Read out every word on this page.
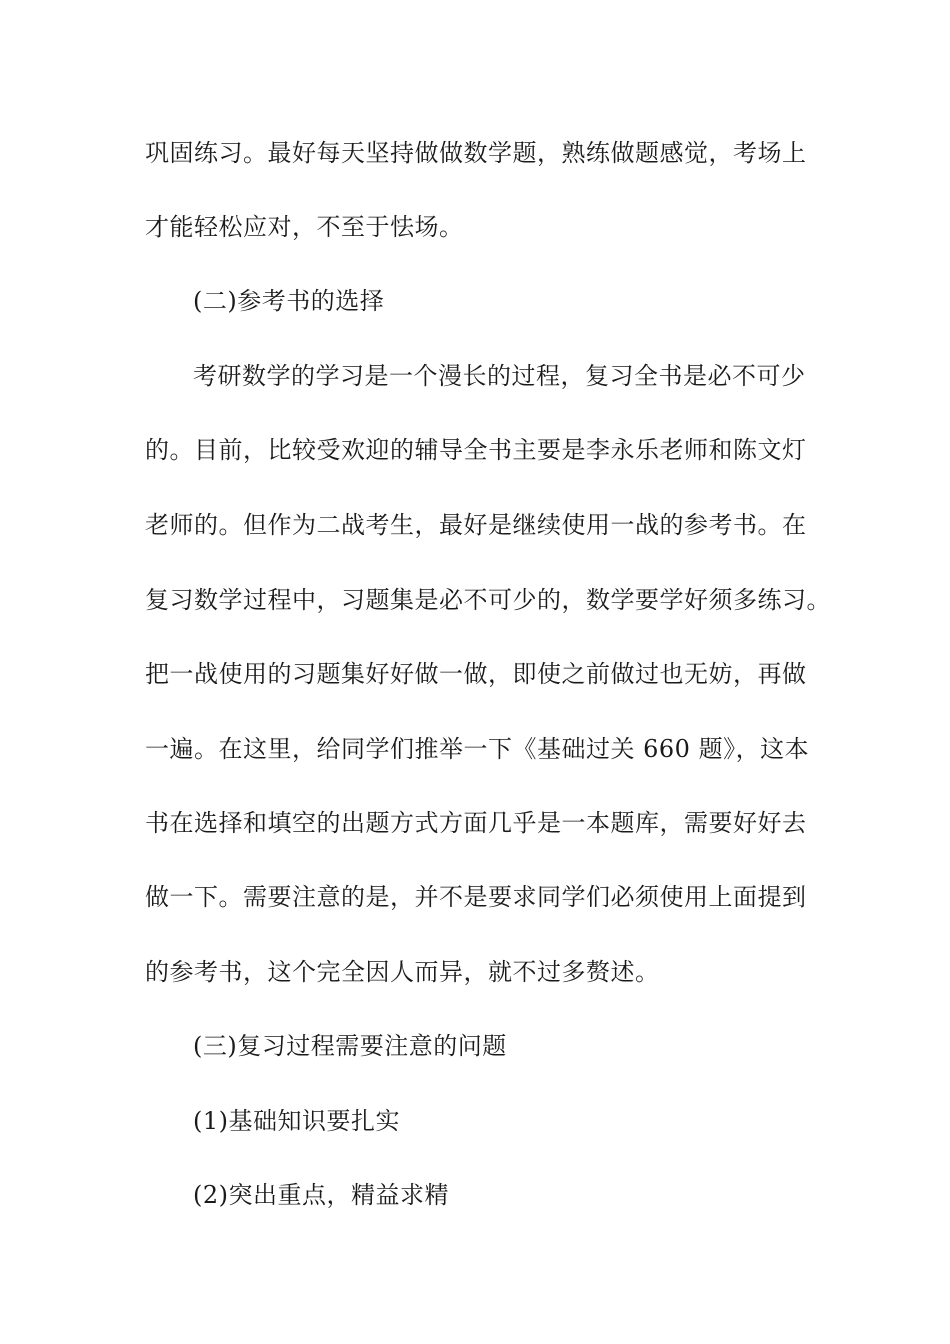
巩固练习。最好每天坚持做做数学题，熟练做题感觉，考场上
才能轻松应对，不至于怯场。
(二)参考书的选择
考研数学的学习是一个漫长的过程，复习全书是必不可少
的。目前，比较受欢迎的辅导全书主要是李永乐老师和陈文灯
老师的。但作为二战考生，最好是继续使用一战的参考书。在
复习数学过程中，习题集是必不可少的，数学要学好须多练习。
把一战使用的习题集好好做一做，即使之前做过也无妨，再做
一遍。在这里，给同学们推举一下《基础过关 660 题》，这本
书在选择和填空的出题方式方面几乎是一本题库，需要好好去
做一下。需要注意的是，并不是要求同学们必须使用上面提到
的参考书，这个完全因人而异，就不过多赘述。
(三)复习过程需要注意的问题
(1)基础知识要扎实
(2)突出重点，精益求精
